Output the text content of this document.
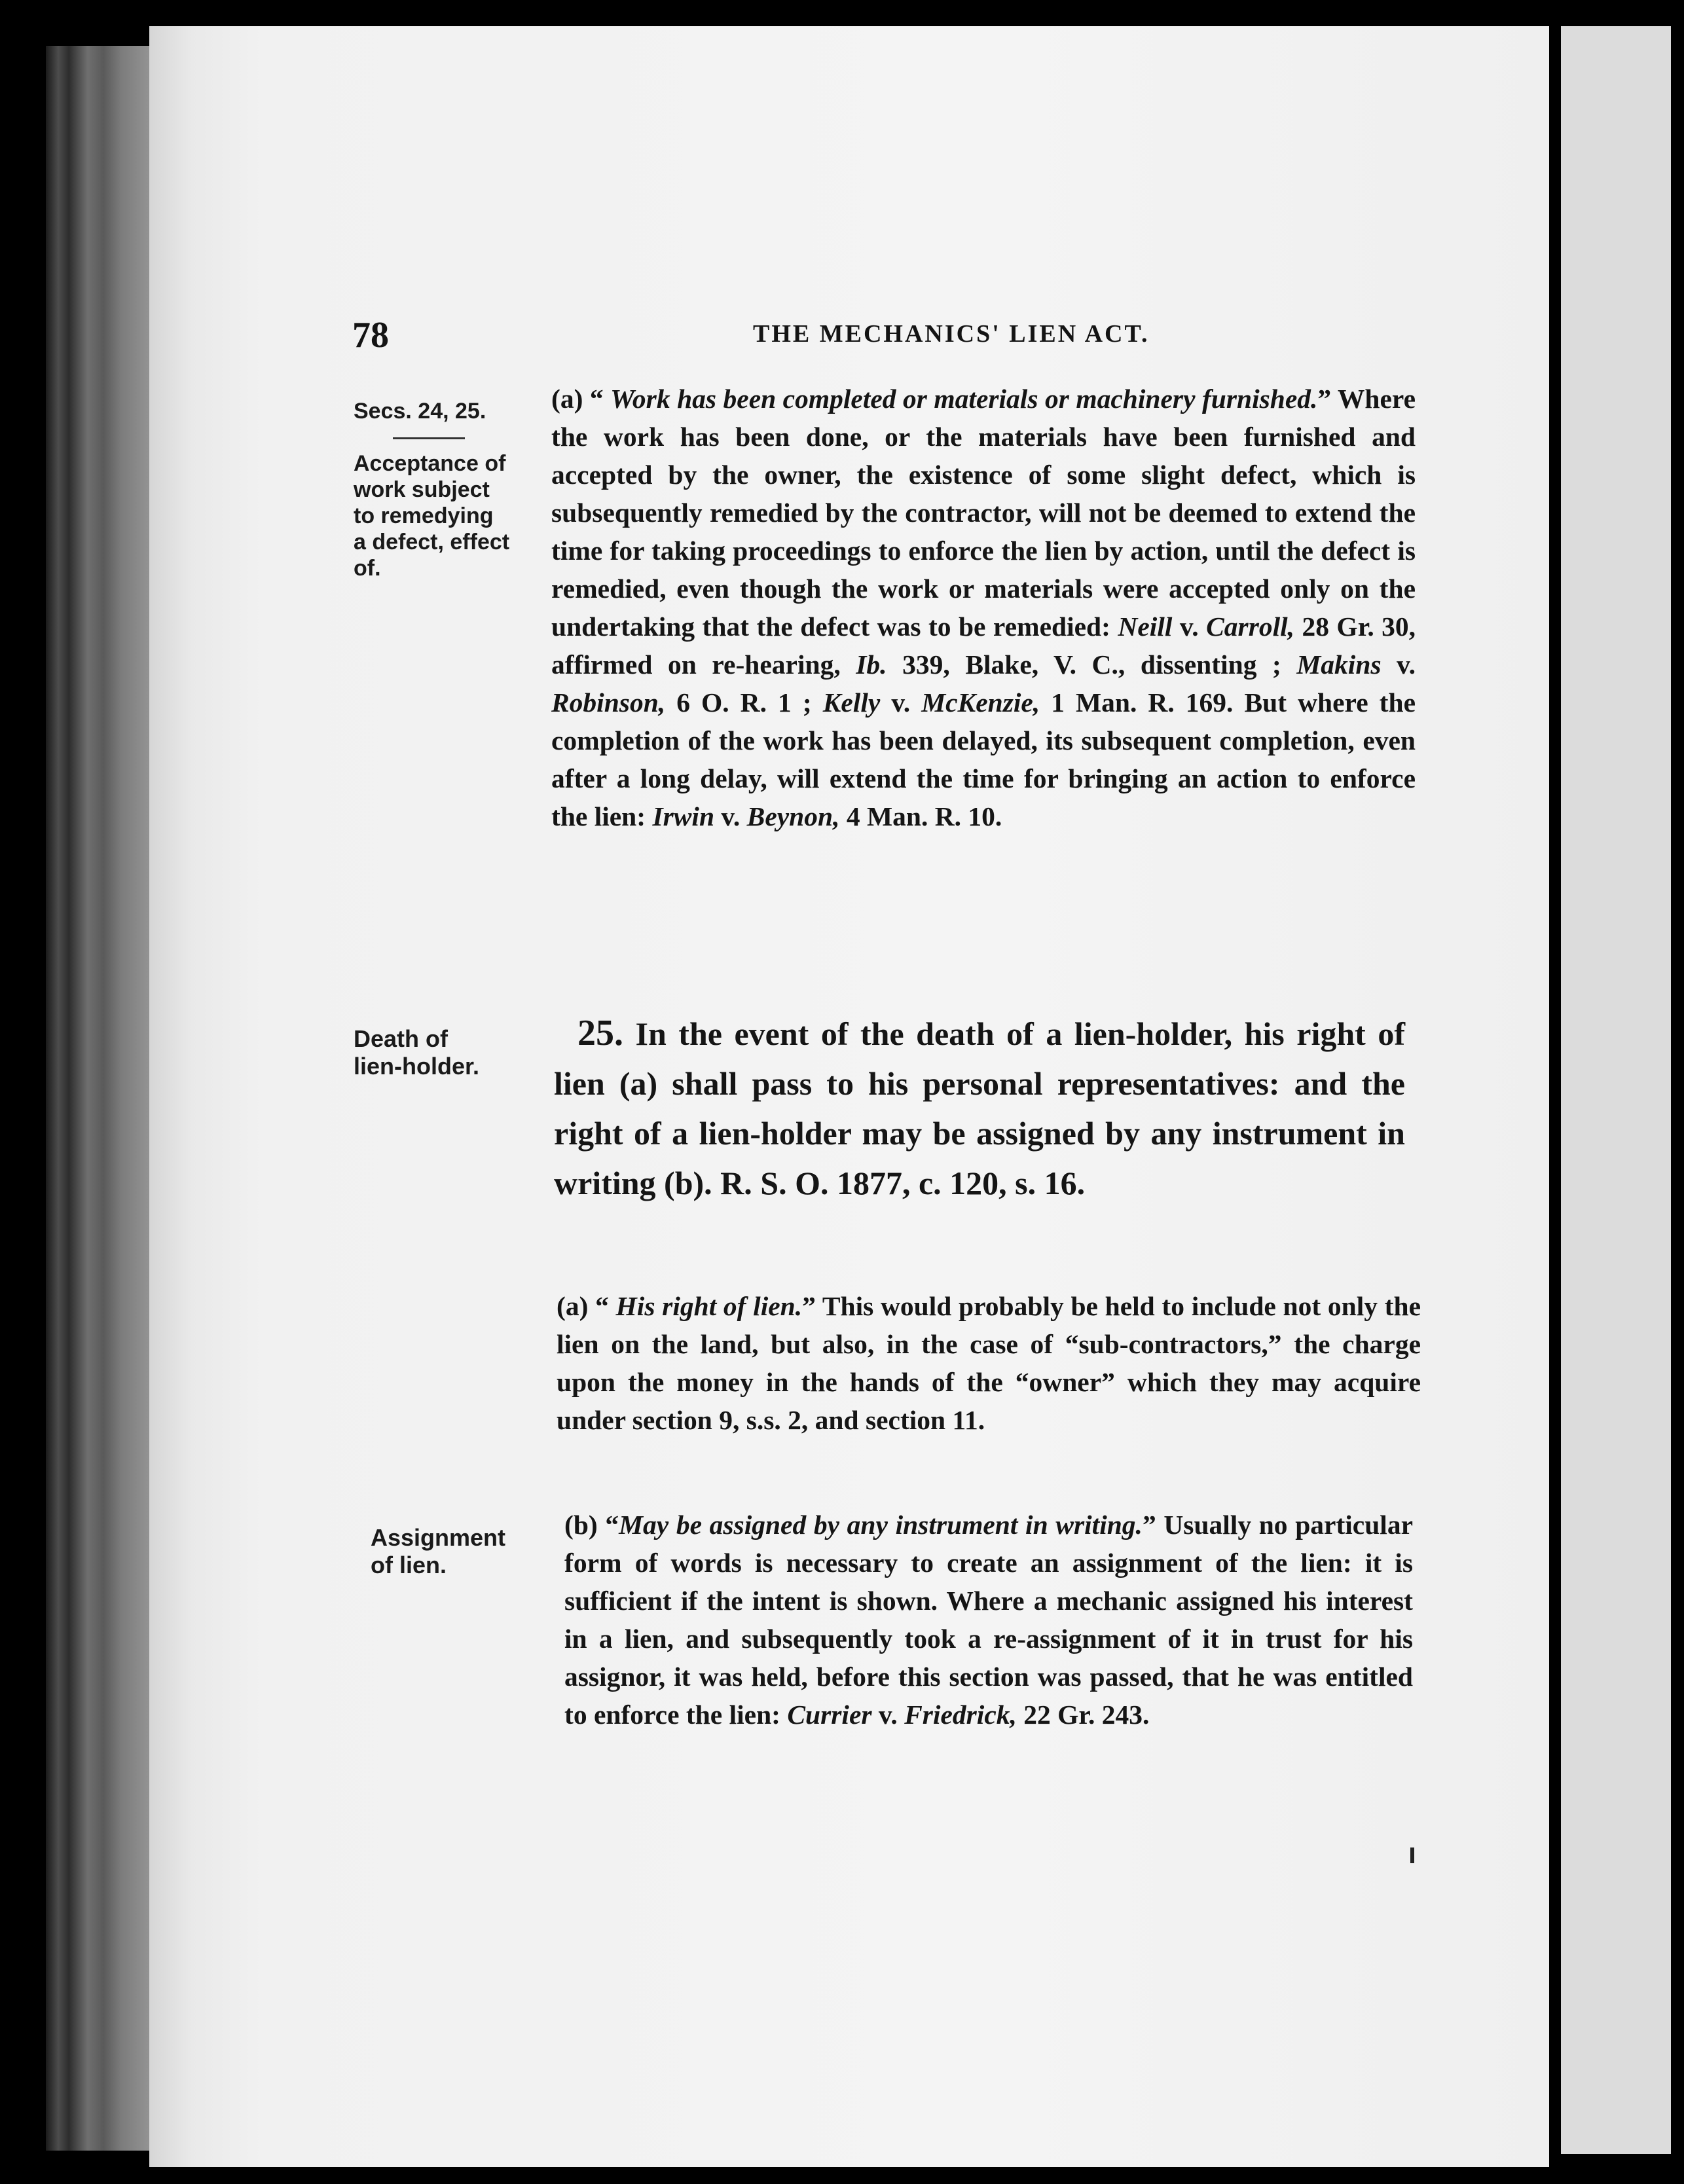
78	THE MECHANICS' LIEN ACT.
Secs. 24, 25.
Acceptance of
work subject
to remedying
a defect, effect
of.

(a) “ Work has been completed or materials or machinery furnished.” Where the work has been done, or the materials have been furnished and accepted by the owner, the existence of some slight defect, which is subsequently remedied by the contractor, will not be deemed to extend the time for taking proceedings to enforce the lien by action, until the defect is remedied, even though the work or materials were accepted only on the undertaking that the defect was to be remedied: Neill v. Carroll, 28 Gr. 30, affirmed on re-hearing, Ib. 339, Blake, V. C., dissenting ; Makins v. Robinson, 6 O. R. 1 ; Kelly v. McKenzie, 1 Man. R. 169. But where the completion of the work has been delayed, its subsequent completion, even after a long delay, will extend the time for bringing an action to enforce the lien: Irwin v. Beynon, 4 Man. R. 10.

Death of
lien-holder.

25. In the event of the death of a lien-holder, his right of lien (a) shall pass to his personal representatives: and the right of a lien-holder may be assigned by any instrument in writing (b). R. S. O. 1877, c. 120, s. 16.

(a) “ His right of lien.” This would probably be held to include not only the lien on the land, but also, in the case of “sub-contractors,” the charge upon the money in the hands of the “owner” which they may acquire under section 9, s.s. 2, and section 11.

Assignment
of lien.

(b) “May be assigned by any instrument in writing.” Usually no particular form of words is necessary to create an assignment of the lien: it is sufficient if the intent is shown. Where a mechanic assigned his interest in a lien, and subsequently took a re-assignment of it in trust for his assignor, it was held, before this section was passed, that he was entitled to enforce the lien: Currier v. Friedrick, 22 Gr. 243.
